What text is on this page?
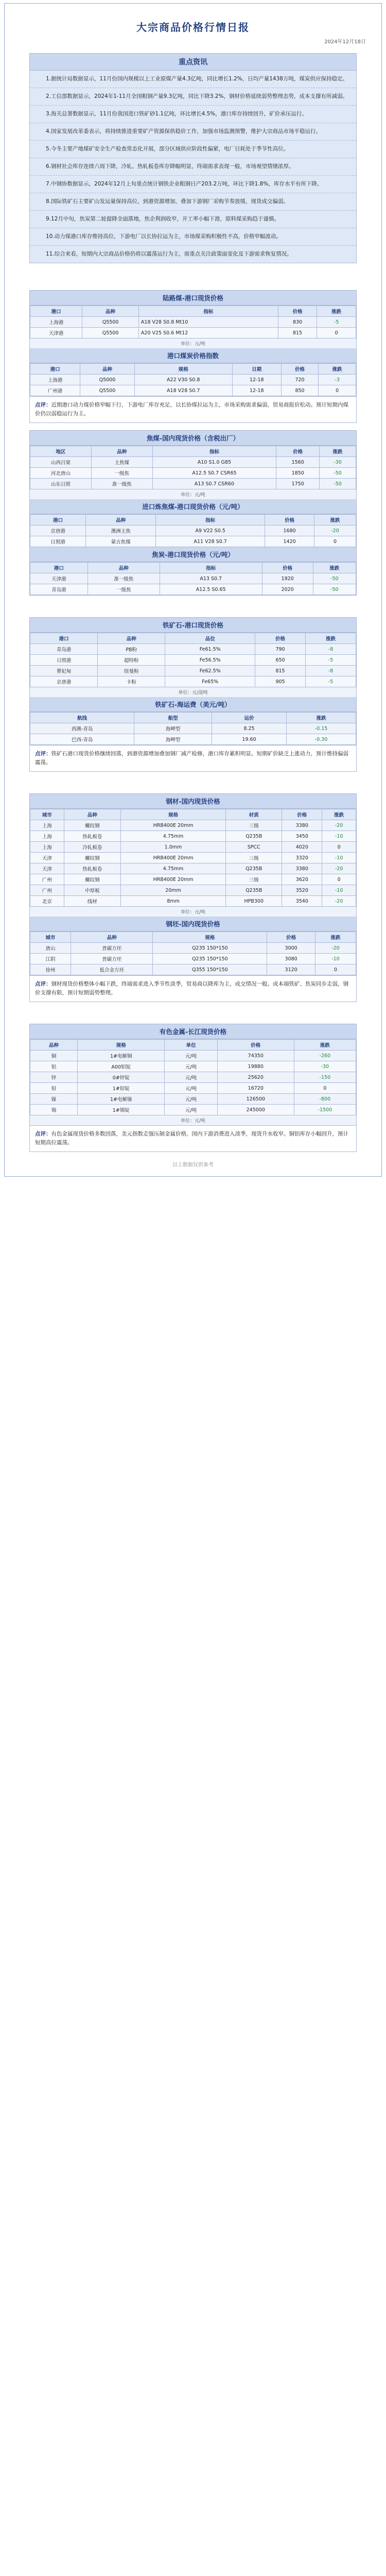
大宗商品价格行情日报
2024年12月18日
重点资讯
1.据统计局数据显示，11月份国内规模以上工业原煤产量4.3亿吨，同比增长1.2%，日均产量1438万吨，煤炭供应保持稳定。
2.工信部数据显示，2024年1-11月全国粗钢产量9.3亿吨，同比下降3.2%，钢材价格延续弱势整理态势，成本支撑有所减弱。
3.海关总署数据显示，11月份我国进口铁矿砂1.1亿吨，环比增长4.5%，港口库存持续回升，矿价承压运行。
4.国家发展改革委表示，将持续推进重要矿产资源保供稳价工作，加强市场监测预警，维护大宗商品市场平稳运行。
5.今冬主要产地煤矿安全生产检查常态化开展，部分区域供应阶段性偏紧，电厂日耗处于季节性高位。
6.钢材社会库存连续六周下降，冷轧、热轧板卷库存降幅明显，终端需求表现一般，市场观望情绪浓厚。
7.中钢协数据显示，2024年12月上旬重点统计钢铁企业粗钢日产203.2万吨，环比下降1.8%，库存水平有所下降。
8.国际铁矿石主要矿山发运量保持高位，到港资源增加，叠加下游钢厂采购节奏放缓，现货成交偏弱。
9.12月中旬，焦炭第二轮提降全面落地，焦企利润收窄，开工率小幅下滑，原料煤采购趋于谨慎。
10.动力煤港口库存维持高位，下游电厂以长协拉运为主，市场煤采购积极性不高，价格窄幅波动。
11.综合来看，短期内大宗商品价格仍将以震荡运行为主，需重点关注政策面变化及下游需求恢复情况。
陆路煤-港口现货价格
港口	品种	指标	价格	涨跌
上海港	Q5500	A18 V28 S0.8 Mt10	830	-5
天津港	Q5500	A20 V25 S0.6 Mt12	815	0
单位：元/吨
港口煤炭价格指数
港口	品种	规格	日期	价格	涨跌
上海港	Q5000	A22 V30 S0.8	12-18	720	-3
广州港	Q5500	A18 V28 S0.7	12-18	850	0
点评：近期港口动力煤价格窄幅下行，下游电厂库存充足，以长协煤拉运为主，市场采购需求偏弱，贸易商报价松动。预计短期内煤价仍以弱稳运行为主。
焦煤-国内现货价格（含税出厂）
地区	品种	指标	价格	涨跌
山西吕梁	主焦煤	A10 S1.0 G85	1560	-30
河北唐山	一级焦	A12.5 S0.7 CSR65	1850	-50
山东日照	准一级焦	A13 S0.7 CSR60	1750	-50
单位：元/吨
进口炼焦煤-港口现货价格（元/吨）
港口	品种	指标	价格	涨跌
京唐港	澳洲主焦	A9 V22 S0.5	1680	-20
日照港	蒙古焦煤	A11 V28 S0.7	1420	0
焦炭-港口现货价格（元/吨）
港口	品种	指标	价格	涨跌
天津港	准一级焦	A13 S0.7	1920	-50
青岛港	一级焦	A12.5 S0.65	2020	-50
铁矿石-港口现货价格
港口	品种	品位	价格	涨跌
青岛港	PB粉	Fe61.5%	790	-8
日照港	超特粉	Fe56.5%	650	-5
曹妃甸	纽曼粉	Fe62.5%	815	-8
京唐港	卡粉	Fe65%	905	-5
单位：元/湿吨
铁矿石-海运费（美元/吨）
航线	船型	运价	涨跌
西澳-青岛	海岬型	8.25	-0.15
巴西-青岛	海岬型	19.60	-0.30
点评：铁矿石港口现货价格继续回落，到港资源增加叠加钢厂减产检修，港口库存累积明显。短期矿价缺乏上涨动力，预计维持偏弱震荡。
钢材-国内现货价格
城市	品种	规格	材质	价格	涨跌
上海	螺纹钢	HRB400E 20mm	三级	3380	-20
上海	热轧板卷	4.75mm	Q235B	3450	-10
上海	冷轧板卷	1.0mm	SPCC	4020	0
天津	螺纹钢	HRB400E 20mm	三级	3320	-10
天津	热轧板卷	4.75mm	Q235B	3380	-20
广州	螺纹钢	HRB400E 20mm	三级	3620	0
广州	中厚板	20mm	Q235B	3520	-10
北京	线材	8mm	HPB300	3540	-20
单位：元/吨
钢坯-国内现货价格
城市	品种	规格	价格	涨跌
唐山	普碳方坯	Q235 150*150	3000	-20
江阴	普碳方坯	Q235 150*150	3080	-10
徐州	低合金方坯	Q355 150*150	3120	0
点评：钢材现货价格整体小幅下跌，终端需求进入季节性淡季，贸易商以降库为主，成交情况一般。成本端铁矿、焦炭同步走弱，钢价支撑有限，预计短期弱势整理。
有色金属-长江现货价格
品种	规格	单位	价格	涨跌
铜	1#电解铜	元/吨	74350	-260
铝	A00铝锭	元/吨	19880	-30
锌	0#锌锭	元/吨	25620	-150
铅	1#铅锭	元/吨	16720	0
镍	1#电解镍	元/吨	126500	-800
锡	1#锡锭	元/吨	245000	-1500
单位：元/吨
点评：有色金属现货价格多数回落，美元指数走强压制金属价格，国内下游消费进入淡季，现货升水收窄。铜铝库存小幅回升，预计短期高位震荡。
以上数据仅供参考
